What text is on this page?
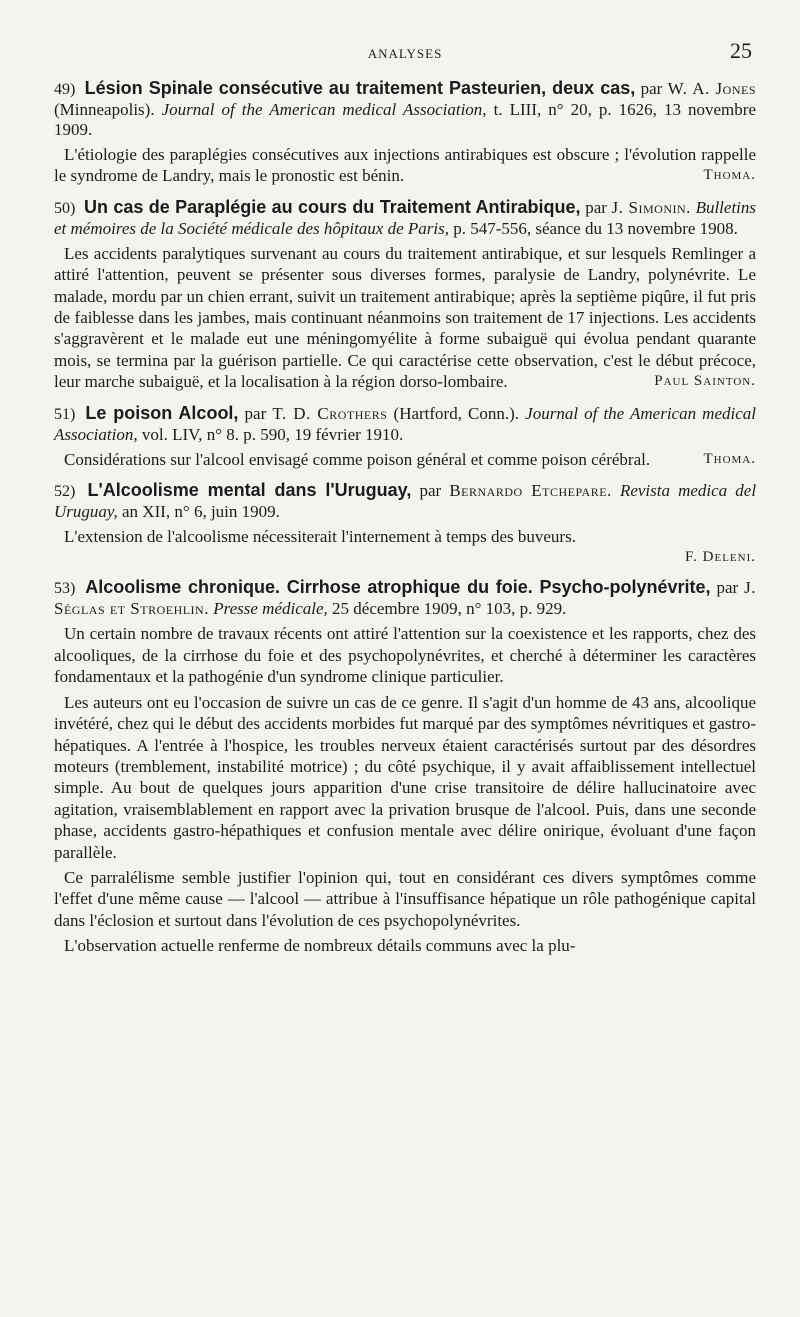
ANALYSES	25
49) Lésion Spinale consécutive au traitement Pasteurien, deux cas, par W. A. Jones (Minneapolis). Journal of the American medical Association, t. LIII, n° 20, p. 1626, 13 novembre 1909.

L'étiologie des paraplégies consécutives aux injections antirabiques est obscure ; l'évolution rappelle le syndrome de Landry, mais le pronostic est bénin.	Thoma.

50) Un cas de Paraplégie au cours du Traitement Antirabique, par J. Simonin. Bulletins et mémoires de la Société médicale des hôpitaux de Paris, p. 547-556, séance du 13 novembre 1908.

Les accidents paralytiques survenant au cours du traitement antirabique, et sur lesquels Remlinger a attiré l'attention, peuvent se présenter sous diverses formes, paralysie de Landry, polynévrite. Le malade, mordu par un chien errant, suivit un traitement antirabique; après la septième piqûre, il fut pris de faiblesse dans les jambes, mais continuant néanmoins son traitement de 17 injections. Les accidents s'aggravèrent et le malade eut une méningomyélite à forme subaiguë qui évolua pendant quarante mois, se termina par la guérison partielle. Ce qui caractérise cette observation, c'est le début précoce, leur marche subaiguë, et la localisation à la région dorso-lombaire.	Paul Sainton.

51) Le poison Alcool, par T. D. Crothers (Hartford, Conn.). Journal of the American medical Association, vol. LIV, n° 8. p. 590, 19 février 1910.

Considérations sur l'alcool envisagé comme poison général et comme poison cérébral.	Thoma.

52) L'Alcoolisme mental dans l'Uruguay, par Bernardo Etchepare. Revista medica del Uruguay, an XII, n° 6, juin 1909.

L'extension de l'alcoolisme nécessiterait l'internement à temps des buveurs.

F. Deleni.
53) Alcoolisme chronique. Cirrhose atrophique du foie. Psycho-polynévrite, par J. Séglas et Stroehlin. Presse médicale, 25 décembre 1909, n° 103, p. 929.

Un certain nombre de travaux récents ont attiré l'attention sur la coexistence et les rapports, chez des alcooliques, de la cirrhose du foie et des psychopolynévrites, et cherché à déterminer les caractères fondamentaux et la pathogénie d'un syndrome clinique particulier.

Les auteurs ont eu l'occasion de suivre un cas de ce genre. Il s'agit d'un homme de 43 ans, alcoolique invétéré, chez qui le début des accidents morbides fut marqué par des symptômes névritiques et gastro-hépatiques. A l'entrée à l'hospice, les troubles nerveux étaient caractérisés surtout par des désordres moteurs (tremblement, instabilité motrice) ; du côté psychique, il y avait affaiblissement intellectuel simple. Au bout de quelques jours apparition d'une crise transitoire de délire hallucinatoire avec agitation, vraisemblablement en rapport avec la privation brusque de l'alcool. Puis, dans une seconde phase, accidents gastro-hépathiques et confusion mentale avec délire onirique, évoluant d'une façon parallèle.

Ce parralélisme semble justifier l'opinion qui, tout en considérant ces divers symptômes comme l'effet d'une même cause — l'alcool — attribue à l'insuffisance hépatique un rôle pathogénique capital dans l'éclosion et surtout dans l'évolution de ces psychopolynévrites.

L'observation actuelle renferme de nombreux détails communs avec la plu-
